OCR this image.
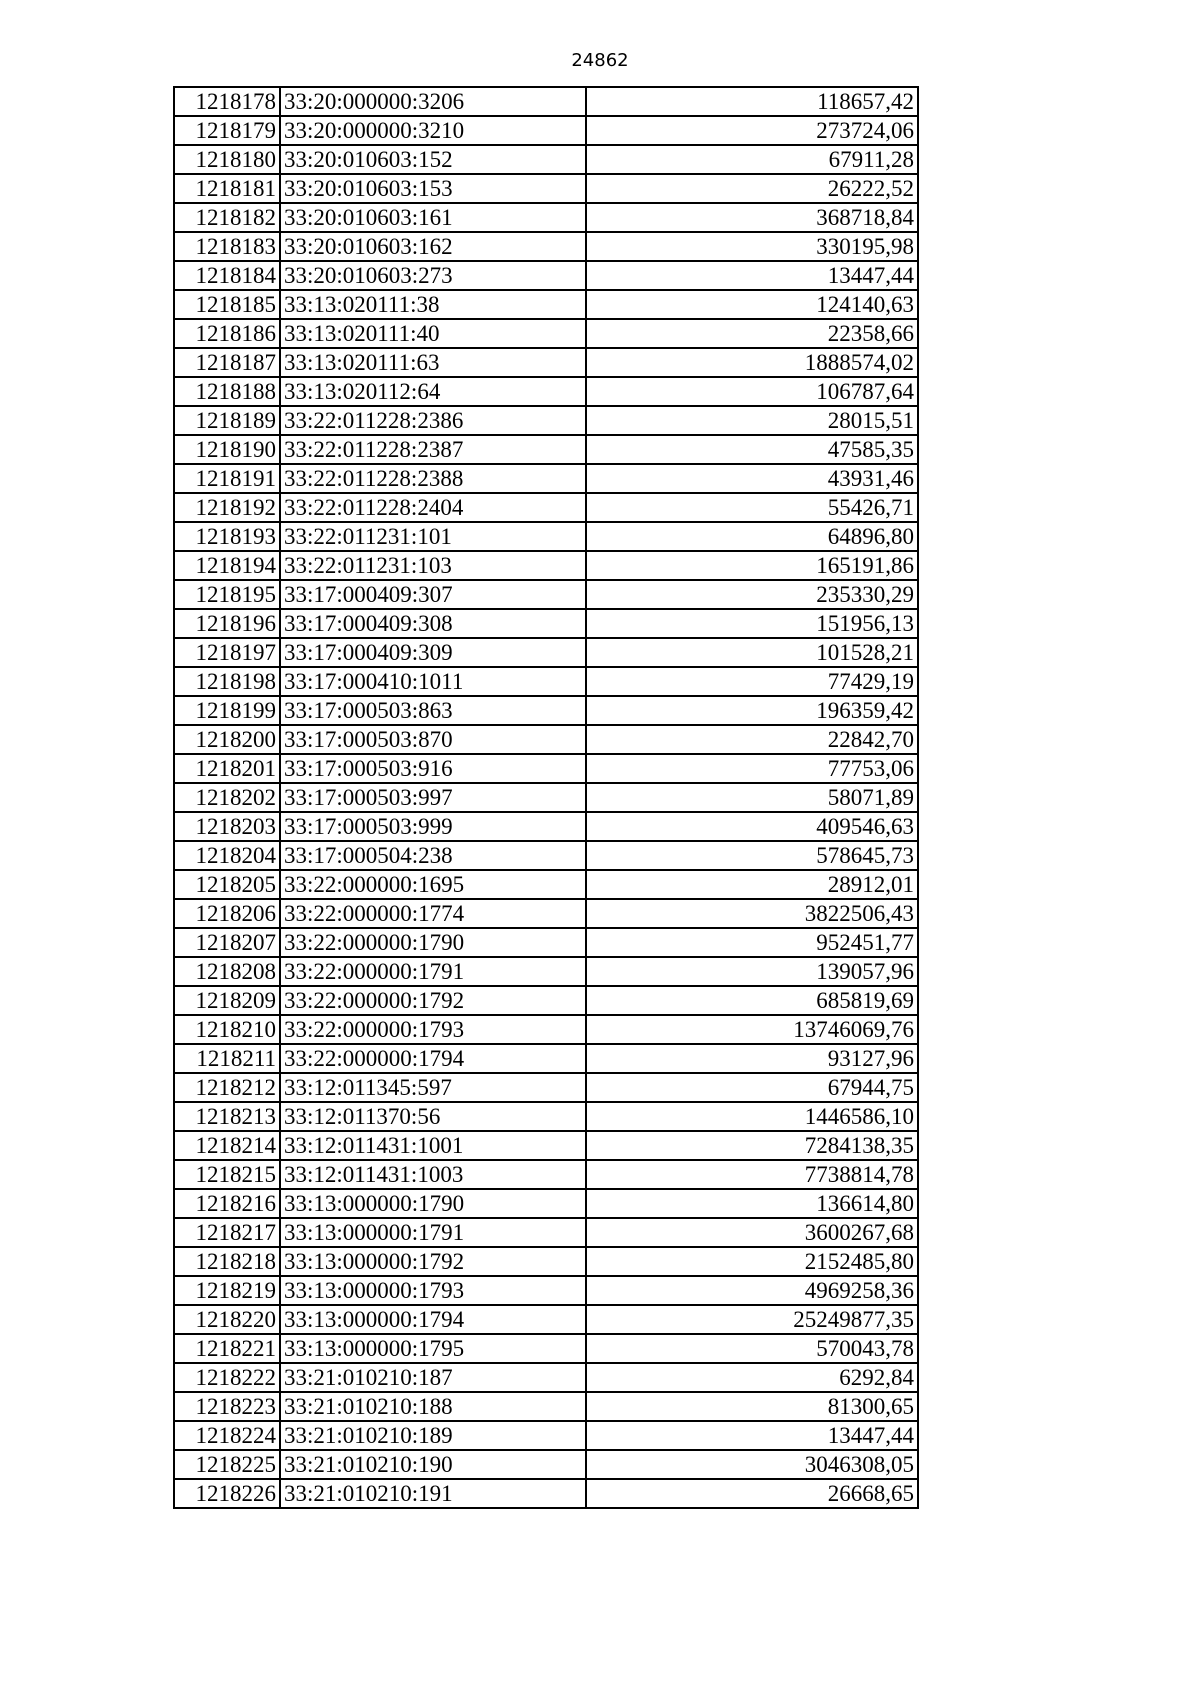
24862
1218178	33:20:000000:3206	118657,42
1218179	33:20:000000:3210	273724,06
1218180	33:20:010603:152	67911,28
1218181	33:20:010603:153	26222,52
1218182	33:20:010603:161	368718,84
1218183	33:20:010603:162	330195,98
1218184	33:20:010603:273	13447,44
1218185	33:13:020111:38	124140,63
1218186	33:13:020111:40	22358,66
1218187	33:13:020111:63	1888574,02
1218188	33:13:020112:64	106787,64
1218189	33:22:011228:2386	28015,51
1218190	33:22:011228:2387	47585,35
1218191	33:22:011228:2388	43931,46
1218192	33:22:011228:2404	55426,71
1218193	33:22:011231:101	64896,80
1218194	33:22:011231:103	165191,86
1218195	33:17:000409:307	235330,29
1218196	33:17:000409:308	151956,13
1218197	33:17:000409:309	101528,21
1218198	33:17:000410:1011	77429,19
1218199	33:17:000503:863	196359,42
1218200	33:17:000503:870	22842,70
1218201	33:17:000503:916	77753,06
1218202	33:17:000503:997	58071,89
1218203	33:17:000503:999	409546,63
1218204	33:17:000504:238	578645,73
1218205	33:22:000000:1695	28912,01
1218206	33:22:000000:1774	3822506,43
1218207	33:22:000000:1790	952451,77
1218208	33:22:000000:1791	139057,96
1218209	33:22:000000:1792	685819,69
1218210	33:22:000000:1793	13746069,76
1218211	33:22:000000:1794	93127,96
1218212	33:12:011345:597	67944,75
1218213	33:12:011370:56	1446586,10
1218214	33:12:011431:1001	7284138,35
1218215	33:12:011431:1003	7738814,78
1218216	33:13:000000:1790	136614,80
1218217	33:13:000000:1791	3600267,68
1218218	33:13:000000:1792	2152485,80
1218219	33:13:000000:1793	4969258,36
1218220	33:13:000000:1794	25249877,35
1218221	33:13:000000:1795	570043,78
1218222	33:21:010210:187	6292,84
1218223	33:21:010210:188	81300,65
1218224	33:21:010210:189	13447,44
1218225	33:21:010210:190	3046308,05
1218226	33:21:010210:191	26668,65
